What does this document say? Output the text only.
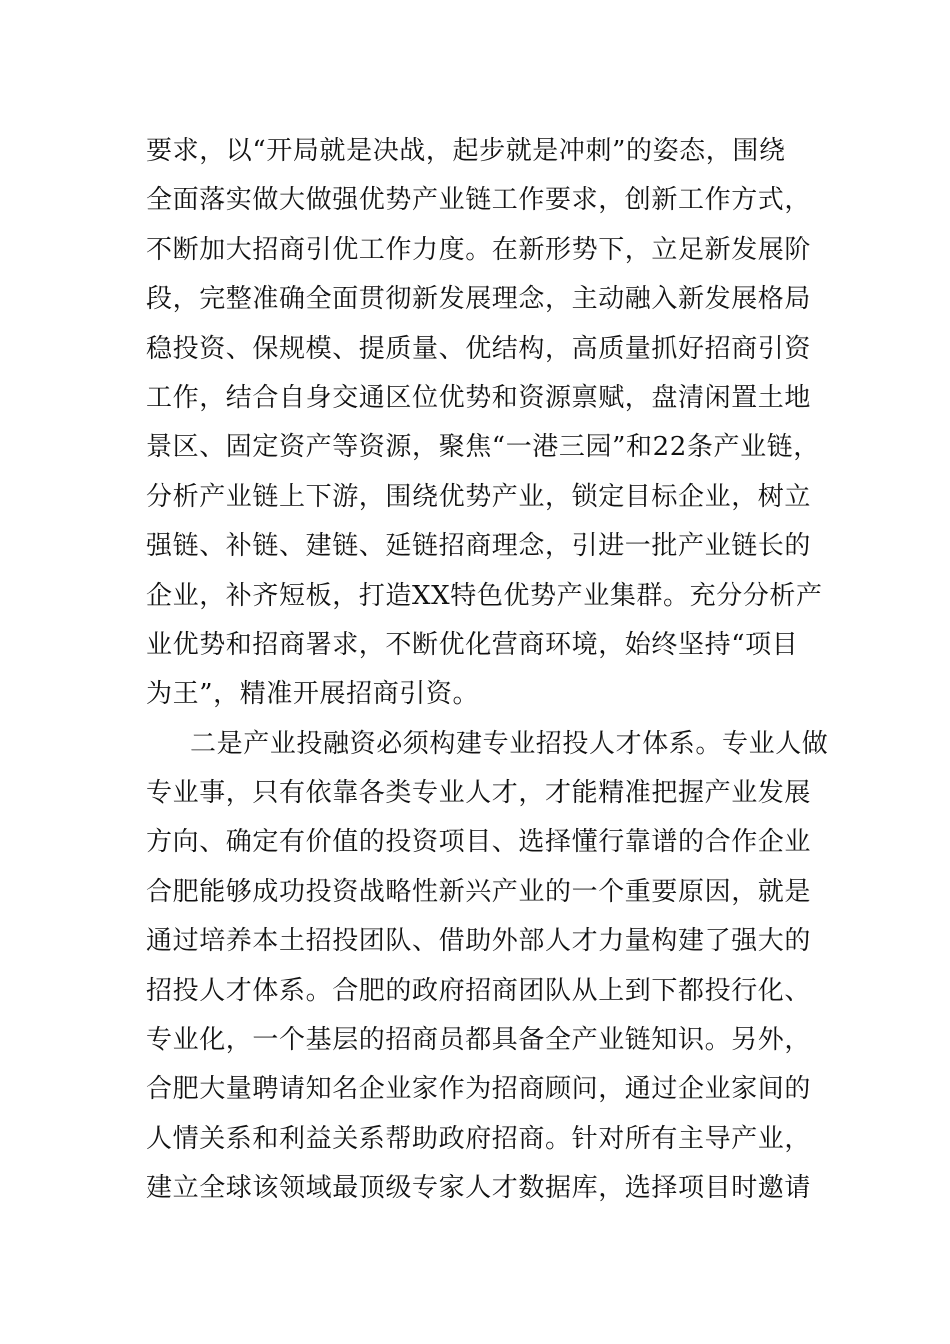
要求，以“开局就是决战，起步就是冲刺”的姿态，围绕
全面落实做大做强优势产业链工作要求，创新工作方式，
不断加大招商引优工作力度。在新形势下，立足新发展阶
段，完整准确全面贯彻新发展理念，主动融入新发展格局
稳投资、保规模、提质量、优结构，高质量抓好招商引资
工作，结合自身交通区位优势和资源禀赋，盘清闲置土地
景区、固定资产等资源，聚焦“一港三园”和22条产业链，
分析产业链上下游，围绕优势产业，锁定目标企业，树立
强链、补链、建链、延链招商理念，引进一批产业链长的
企业，补齐短板，打造XX特色优势产业集群。充分分析产
业优势和招商署求，不断优化营商环境，始终坚持“项目
为王”，精准开展招商引资。
二是产业投融资必须构建专业招投人才体系。专业人做
专业事，只有依靠各类专业人才，才能精准把握产业发展
方向、确定有价值的投资项目、选择懂行靠谱的合作企业
合肥能够成功投资战略性新兴产业的一个重要原因，就是
通过培养本土招投团队、借助外部人才力量构建了强大的
招投人才体系。合肥的政府招商团队从上到下都投行化、
专业化，一个基层的招商员都具备全产业链知识。另外，
合肥大量聘请知名企业家作为招商顾问，通过企业家间的
人情关系和利益关系帮助政府招商。针对所有主导产业，
建立全球该领域最顶级专家人才数据库，选择项目时邀请
